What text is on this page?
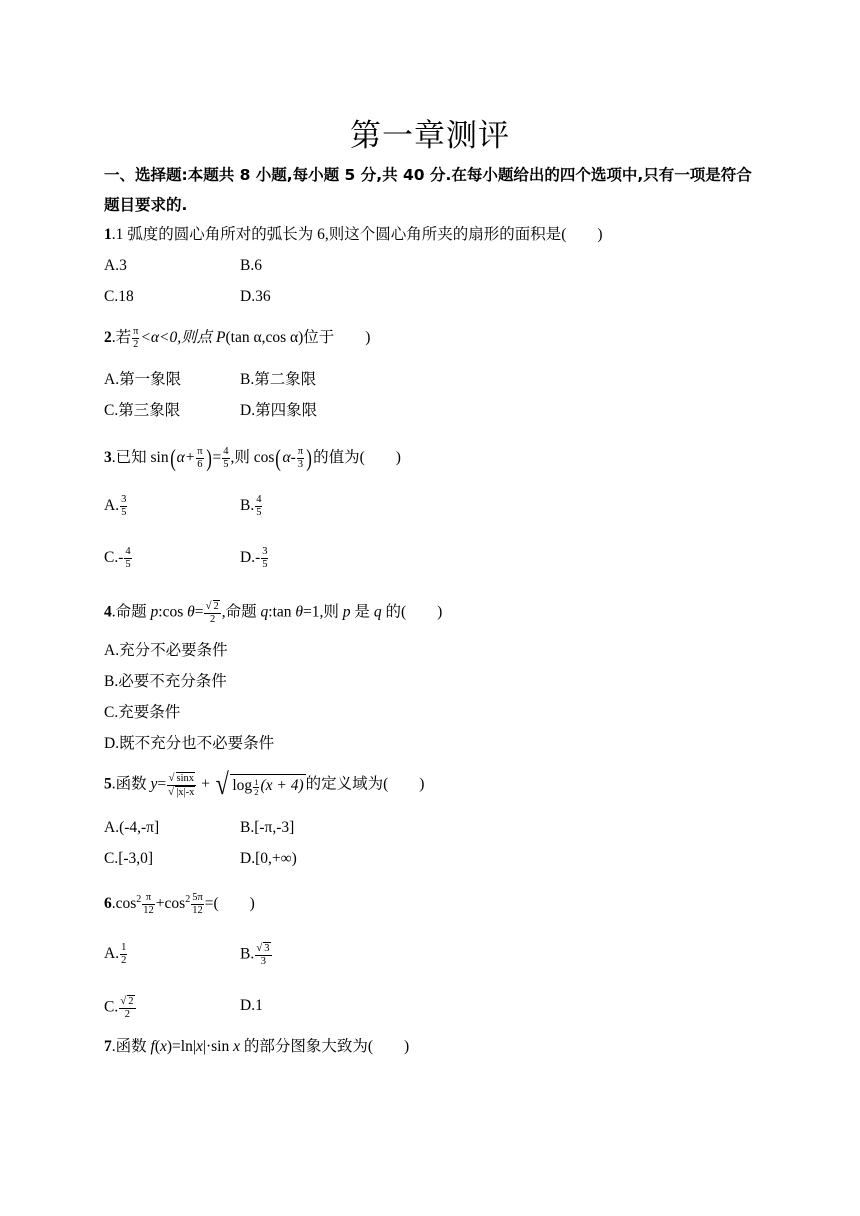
第一章测评
一、选择题:本题共 8 小题,每小题 5 分,共 40 分.在每小题给出的四个选项中,只有一项是符合题目要求的.
1.1 弧度的圆心角所对的弧长为 6,则这个圆心角所夹的扇形的面积是(　　)
A.3	B.6
C.18	D.36
2.若 $\frac{\pi}{2} <\alpha<0$,则点 P(tan α,cos α)位于　　)
A.第一象限	B.第二象限
C.第三象限	D.第四象限
3.已知 $\sin(\alpha+ \frac{\pi}{6}$ )= $\frac{4}{5}$ ,则 $\cos(\alpha- \frac{\pi}{3}$ )的值为(　　)
A. $\frac{3}{5}$	B. $\frac{4}{5}$
$C.- \frac{4}{5}$	$D.- \frac{3}{5}$
4.命题 p:cos $\theta= \frac{√ 2}{2}$ ,命题 q:tan θ=1,则 p 是 q 的(　　)
A.充分不必要条件
B.必要不充分条件
C.充要条件
D.既不充分也不必要条件
5.函数 $y= \frac{√ \sin x}{√ |x|-x}$ + √ $\log \frac{1}{2} (x + 4)$ 的定义域为(　　)
A.(-4,-π]	B.[-π,-3]
C.[-3,0]	D.[0,+∞)
$6.\cos^2 \frac{\pi}{12} +\cos^2 \frac{5\pi}{12}$ =(　　)
A. $\frac{1}{2}$	B. $\frac{√ 3}{3}$
C. $\frac{√ 2}{2}$	D.1
7.函数 f(x)=ln|x|·sin x 的部分图象大致为(　　)
